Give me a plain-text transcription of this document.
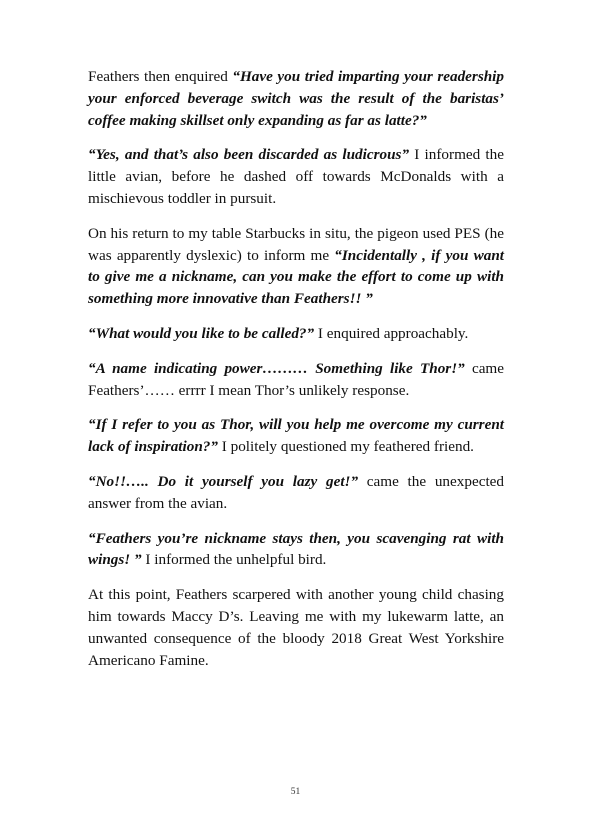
Feathers then enquired “Have you tried imparting your readership your enforced beverage switch was the result of the baristas’ coffee making skillset only expanding as far as latte?”

“Yes, and that’s also been discarded as ludicrous” I informed the little avian, before he dashed off towards McDonalds with a mischievous toddler in pursuit.

On his return to my table Starbucks in situ, the pigeon used PES (he was apparently dyslexic) to inform me “Incidentally , if you want to give me a nickname, can you make the effort to come up with something more innovative than Feathers!! ”

“What would you like to be called?” I enquired approachably.

“A name indicating power……… Something like Thor!” came Feathers’…… errrr I mean Thor’s unlikely response.

“If I refer to you as Thor, will you help me overcome my current lack of inspiration?” I politely questioned my feathered friend.

“No!!….. Do it yourself you lazy get!” came the unexpected answer from the avian.

“Feathers you’re nickname stays then, you scavenging rat with wings! ” I informed the unhelpful bird.

At this point, Feathers scarpered with another young child chasing him towards Maccy D’s. Leaving me with my lukewarm latte, an unwanted consequence of the bloody 2018 Great West Yorkshire Americano Famine.

51
